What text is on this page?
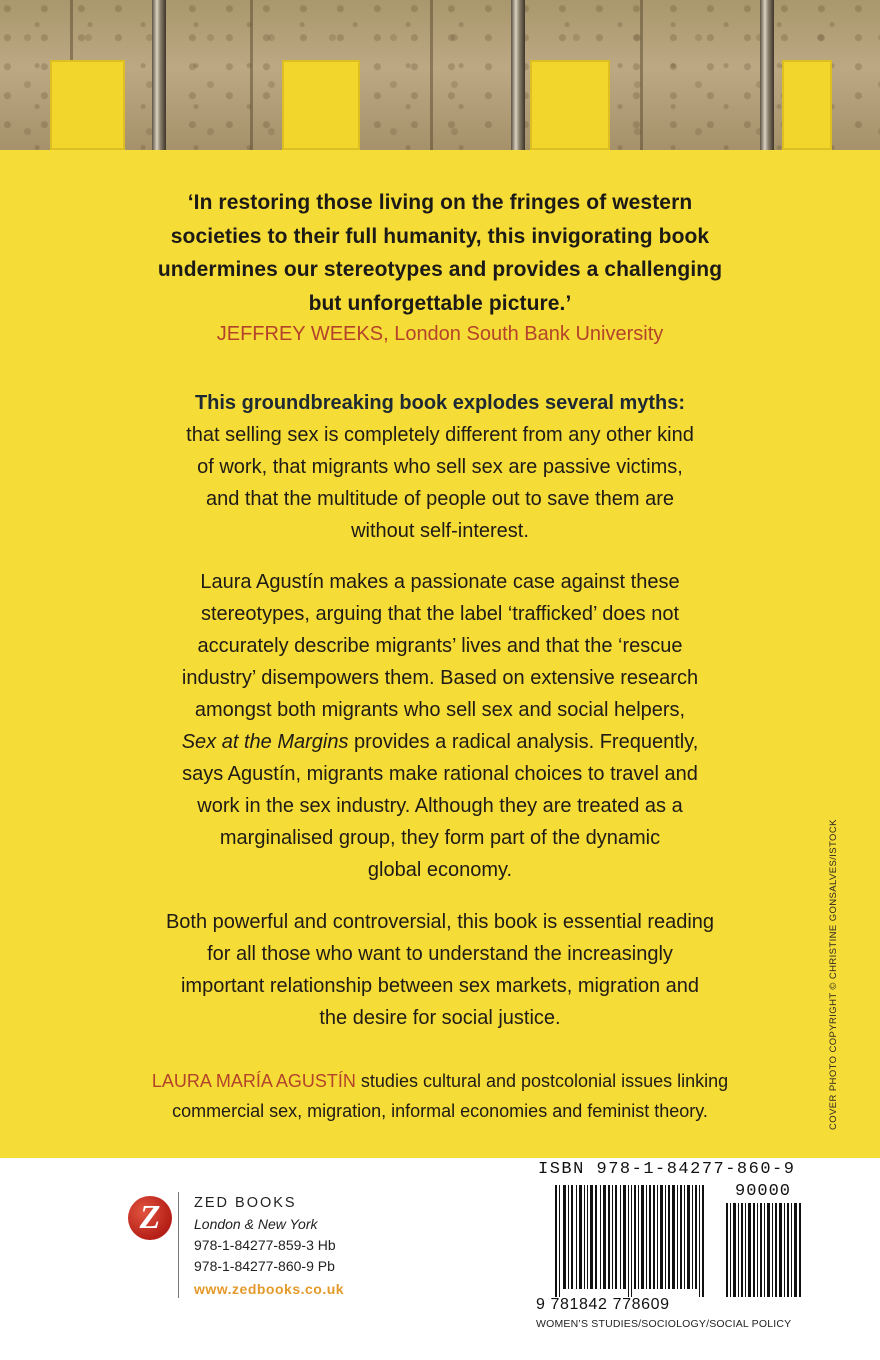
‘In restoring those living on the fringes of western
societies to their full humanity, this invigorating book
undermines our stereotypes and provides a challenging
but unforgettable picture.’
JEFFREY WEEKS, London South Bank University
This groundbreaking book explodes several myths:
that selling sex is completely different from any other kind
of work, that migrants who sell sex are passive victims,
and that the multitude of people out to save them are
without self-interest.
Laura Agustín makes a passionate case against these
stereotypes, arguing that the label ‘trafficked’ does not
accurately describe migrants’ lives and that the ‘rescue
industry’ disempowers them. Based on extensive research
amongst both migrants who sell sex and social helpers,
Sex at the Margins provides a radical analysis. Frequently,
says Agustín, migrants make rational choices to travel and
work in the sex industry. Although they are treated as a
marginalised group, they form part of the dynamic
global economy.
Both powerful and controversial, this book is essential reading
for all those who want to understand the increasingly
important relationship between sex markets, migration and
the desire for social justice.
LAURA MARÍA AGUSTÍN studies cultural and postcolonial issues linking
commercial sex, migration, informal economies and feminist theory.	COVER PHOTO COPYRIGHT © CHRISTINE GONSALVES/ISTOCK
Z	ZED BOOKS
London & New York
978-1-84277-859-3 Hb
978-1-84277-860-9 Pb
www.zedbooks.co.uk
ISBN 978-1-84277-860-9
90000
9 781842 778609
WOMEN’S STUDIES/SOCIOLOGY/SOCIAL POLICY
